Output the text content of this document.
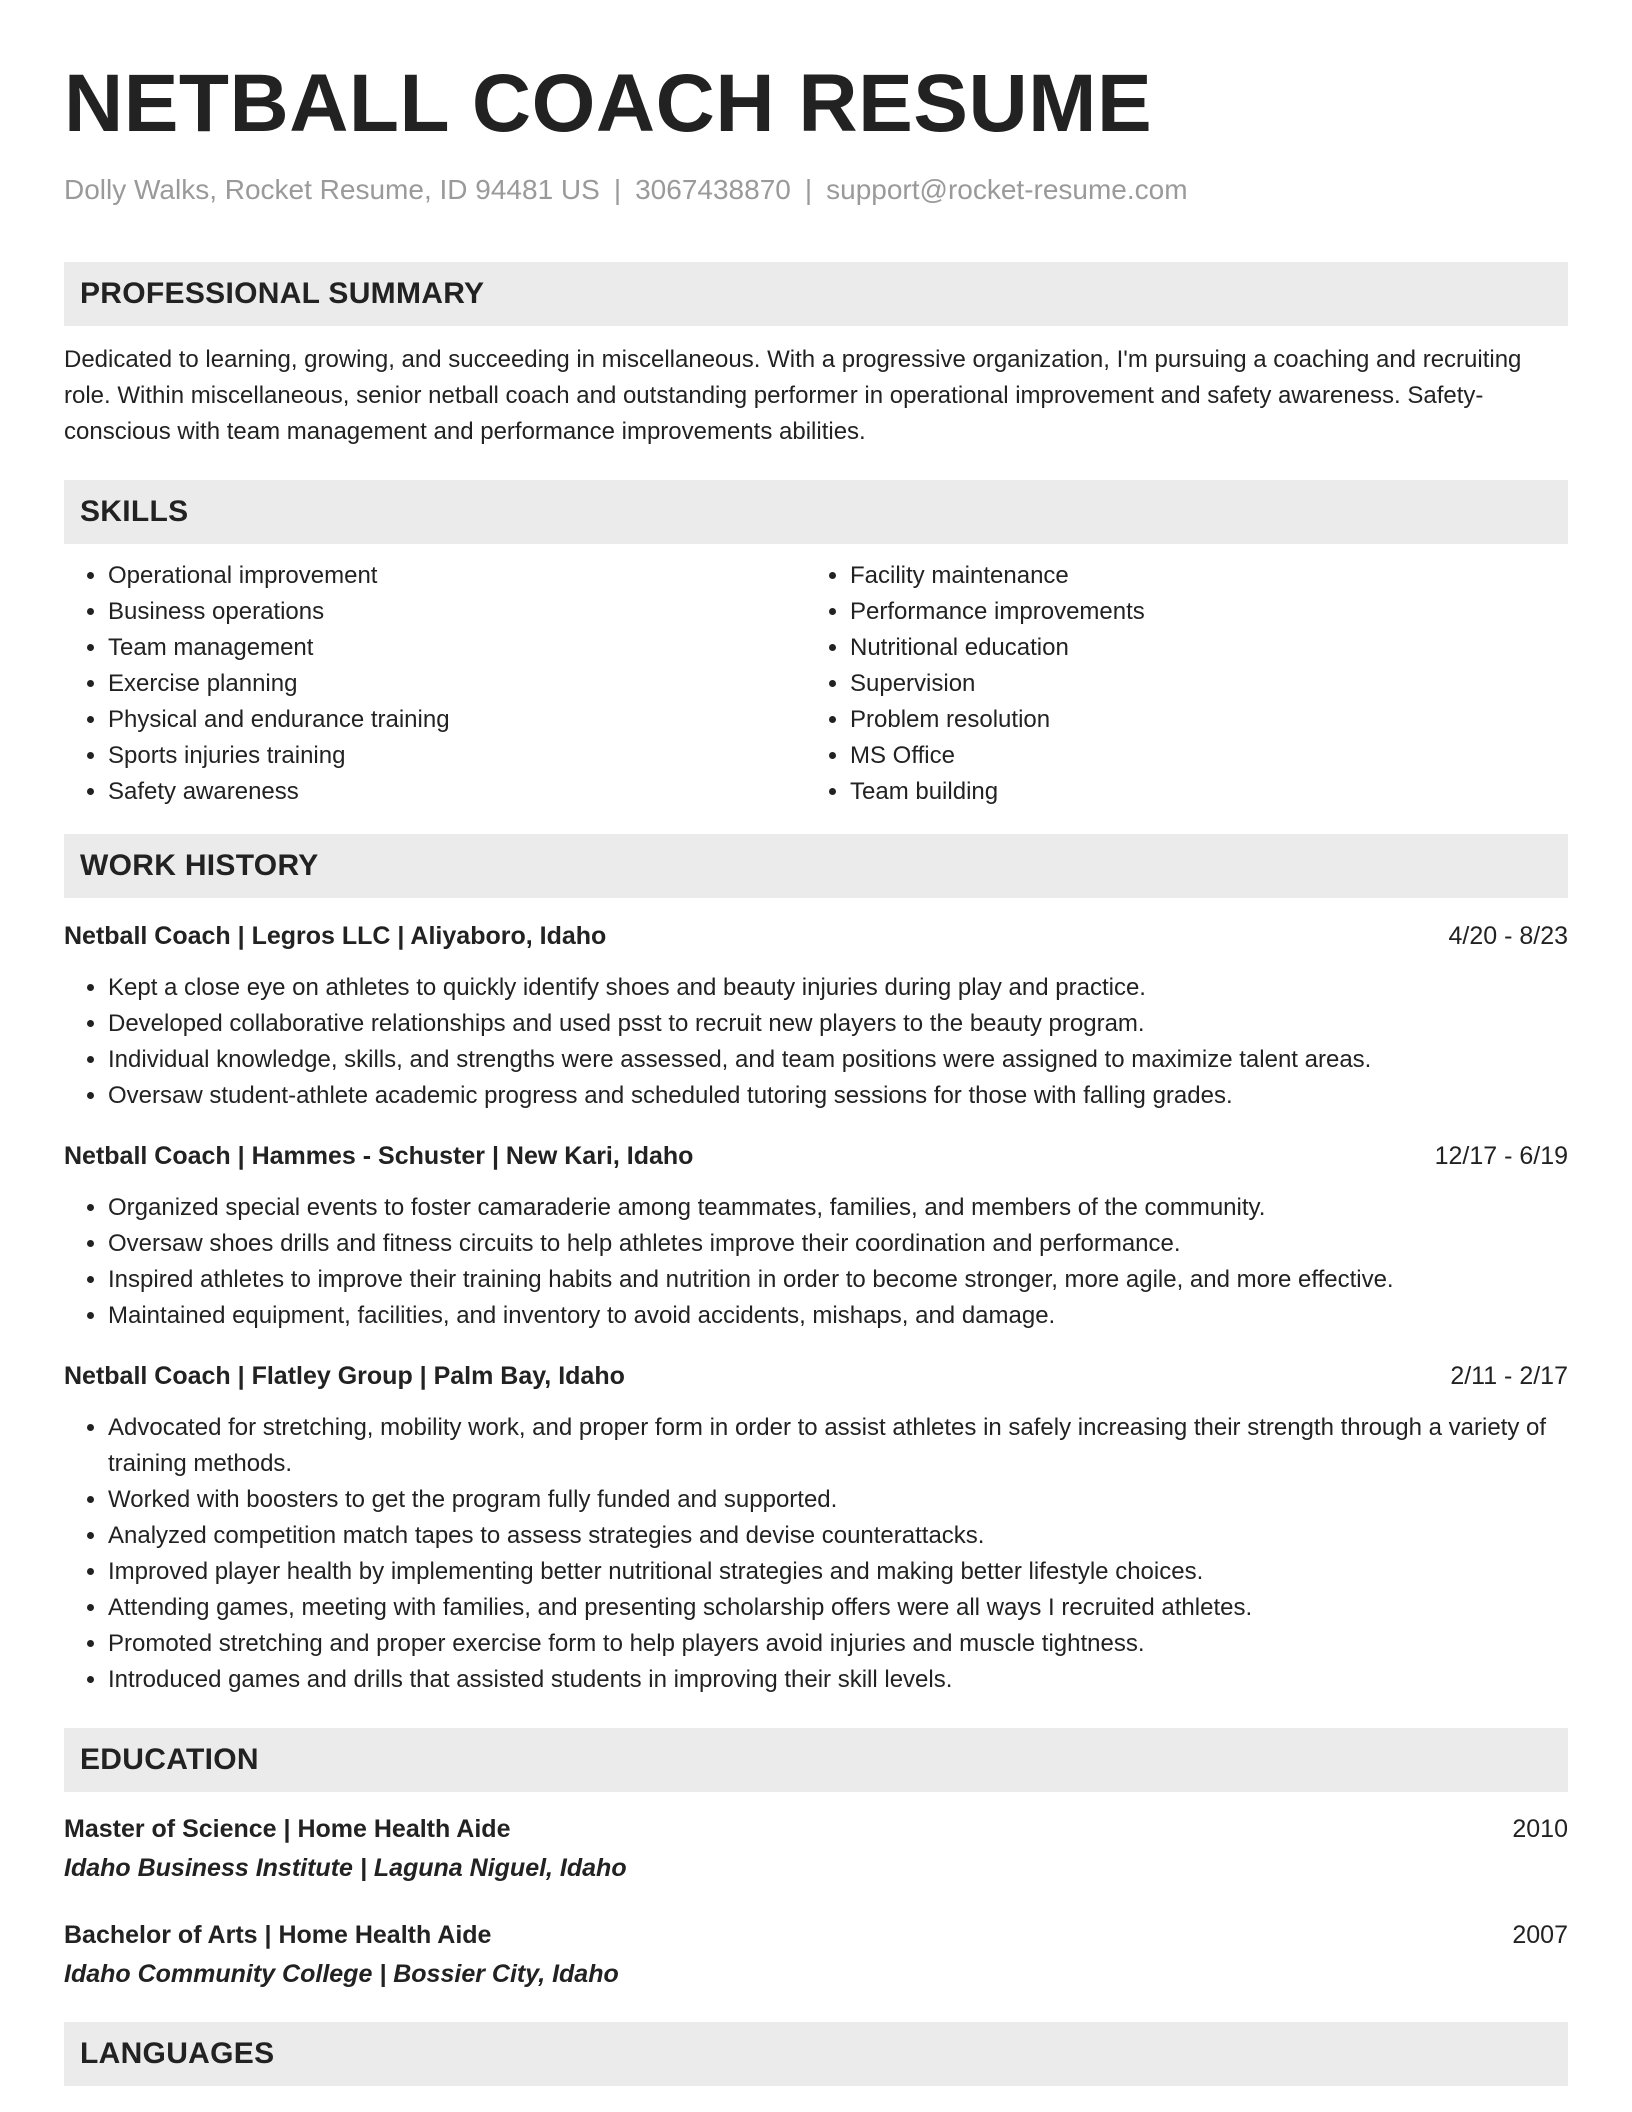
NETBALL COACH RESUME
Dolly Walks, Rocket Resume, ID 94481 US | 3067438870 | support@rocket-resume.com
PROFESSIONAL SUMMARY

Dedicated to learning, growing, and succeeding in miscellaneous. With a progressive organization, I'm pursuing a coaching and recruiting role. Within miscellaneous, senior netball coach and outstanding performer in operational improvement and safety awareness. Safety-conscious with team management and performance improvements abilities.

SKILLS
• Operational improvement
• Business operations
• Team management
• Exercise planning
• Physical and endurance training
• Sports injuries training
• Safety awareness
• Facility maintenance
• Performance improvements
• Nutritional education
• Supervision
• Problem resolution
• MS Office
• Team building
WORK HISTORY
Netball Coach | Legros LLC | Aliyaboro, Idaho	4/20 - 8/23
• Kept a close eye on athletes to quickly identify shoes and beauty injuries during play and practice.
• Developed collaborative relationships and used psst to recruit new players to the beauty program.
• Individual knowledge, skills, and strengths were assessed, and team positions were assigned to maximize talent areas.
• Oversaw student-athlete academic progress and scheduled tutoring sessions for those with falling grades.
Netball Coach | Hammes - Schuster | New Kari, Idaho	12/17 - 6/19
• Organized special events to foster camaraderie among teammates, families, and members of the community.
• Oversaw shoes drills and fitness circuits to help athletes improve their coordination and performance.
• Inspired athletes to improve their training habits and nutrition in order to become stronger, more agile, and more effective.
• Maintained equipment, facilities, and inventory to avoid accidents, mishaps, and damage.
Netball Coach | Flatley Group | Palm Bay, Idaho	2/11 - 2/17
• Advocated for stretching, mobility work, and proper form in order to assist athletes in safely increasing their strength through a variety of training methods.
• Worked with boosters to get the program fully funded and supported.
• Analyzed competition match tapes to assess strategies and devise counterattacks.
• Improved player health by implementing better nutritional strategies and making better lifestyle choices.
• Attending games, meeting with families, and presenting scholarship offers were all ways I recruited athletes.
• Promoted stretching and proper exercise form to help players avoid injuries and muscle tightness.
• Introduced games and drills that assisted students in improving their skill levels.
EDUCATION
Master of Science | Home Health Aide	2010
Idaho Business Institute | Laguna Niguel, Idaho
Bachelor of Arts | Home Health Aide	2007
Idaho Community College | Bossier City, Idaho
LANGUAGES
